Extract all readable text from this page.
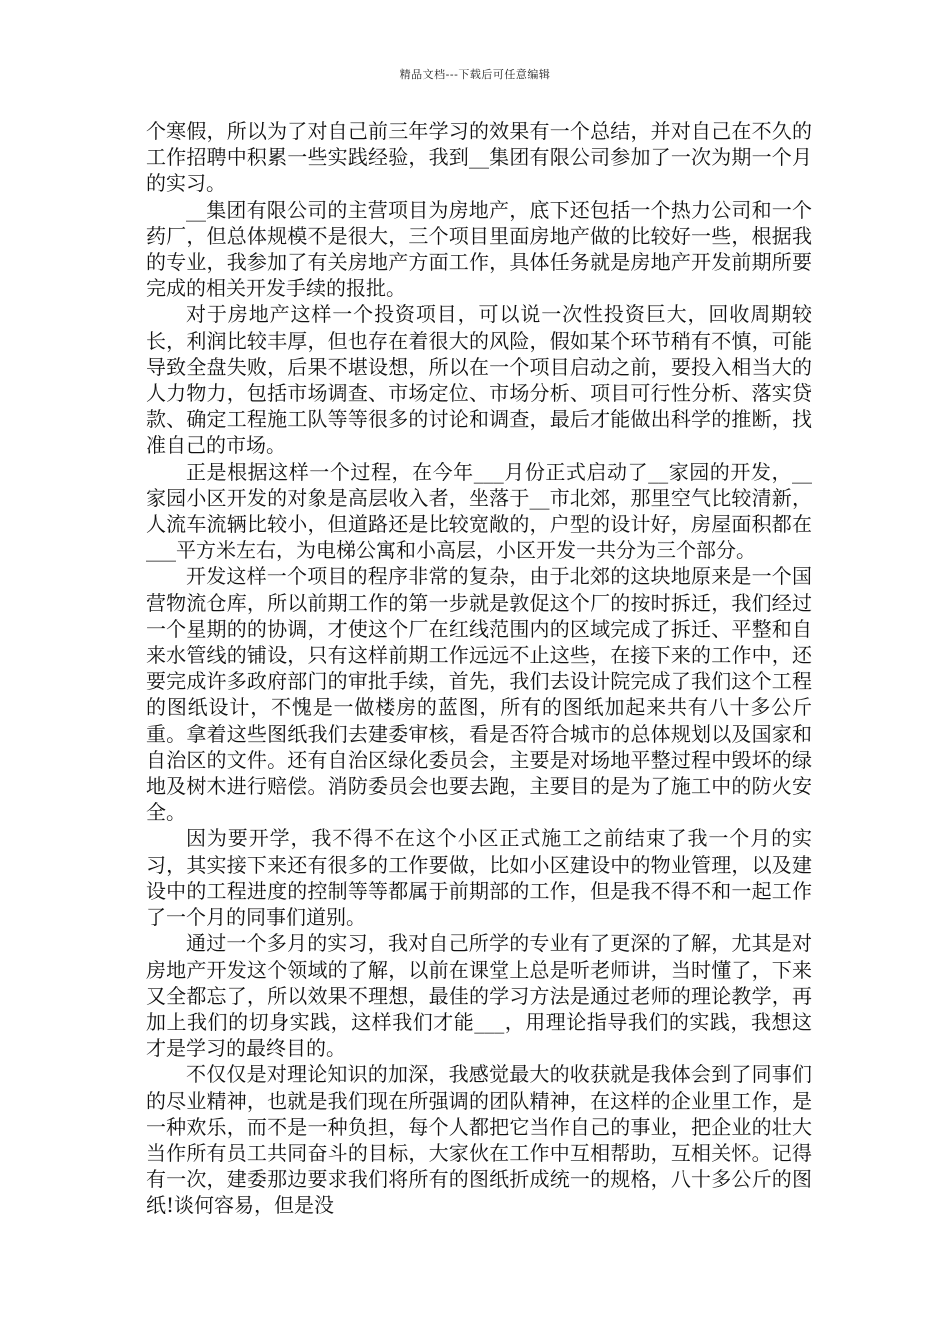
精品文档---下载后可任意编辑

个寒假，所以为了对自己前三年学习的效果有一个总结，并对自己在不久的工作招聘中积累一些实践经验，我到__集团有限公司参加了一次为期一个月的实习。

__集团有限公司的主营项目为房地产，底下还包括一个热力公司和一个药厂，但总体规模不是很大，三个项目里面房地产做的比较好一些，根据我的专业，我参加了有关房地产方面工作，具体任务就是房地产开发前期所要完成的相关开发手续的报批。

对于房地产这样一个投资项目，可以说一次性投资巨大，回收周期较长，利润比较丰厚，但也存在着很大的风险，假如某个环节稍有不慎，可能导致全盘失败，后果不堪设想，所以在一个项目启动之前，要投入相当大的人力物力，包括市场调查、市场定位、市场分析、项目可行性分析、落实贷款、确定工程施工队等等很多的讨论和调查，最后才能做出科学的推断，找准自己的市场。

正是根据这样一个过程，在今年___月份正式启动了__家园的开发，__家园小区开发的对象是高层收入者，坐落于__市北郊，那里空气比较清新，人流车流辆比较小，但道路还是比较宽敞的，户型的设计好，房屋面积都在___平方米左右，为电梯公寓和小高层，小区开发一共分为三个部分。

开发这样一个项目的程序非常的复杂，由于北郊的这块地原来是一个国营物流仓库，所以前期工作的第一步就是敦促这个厂的按时拆迁，我们经过一个星期的的协调，才使这个厂在红线范围内的区域完成了拆迁、平整和自来水管线的铺设，只有这样前期工作远远不止这些，在接下来的工作中，还要完成许多政府部门的审批手续，首先，我们去设计院完成了我们这个工程的图纸设计，不愧是一做楼房的蓝图，所有的图纸加起来共有八十多公斤重。拿着这些图纸我们去建委审核，看是否符合城市的总体规划以及国家和自治区的文件。还有自治区绿化委员会，主要是对场地平整过程中毁坏的绿地及树木进行赔偿。消防委员会也要去跑，主要目的是为了施工中的防火安全。

因为要开学，我不得不在这个小区正式施工之前结束了我一个月的实习，其实接下来还有很多的工作要做，比如小区建设中的物业管理，以及建设中的工程进度的控制等等都属于前期部的工作，但是我不得不和一起工作了一个月的同事们道别。

通过一个多月的实习，我对自己所学的专业有了更深的了解，尤其是对房地产开发这个领域的了解，以前在课堂上总是听老师讲，当时懂了，下来又全都忘了，所以效果不理想，最佳的学习方法是通过老师的理论教学，再加上我们的切身实践，这样我们才能___，用理论指导我们的实践，我想这才是学习的最终目的。

不仅仅是对理论知识的加深，我感觉最大的收获就是我体会到了同事们的尽业精神，也就是我们现在所强调的团队精神，在这样的企业里工作，是一种欢乐，而不是一种负担，每个人都把它当作自己的事业，把企业的壮大当作所有员工共同奋斗的目标，大家伙在工作中互相帮助，互相关怀。记得有一次，建委那边要求我们将所有的图纸折成统一的规格，八十多公斤的图纸!谈何容易，但是没
